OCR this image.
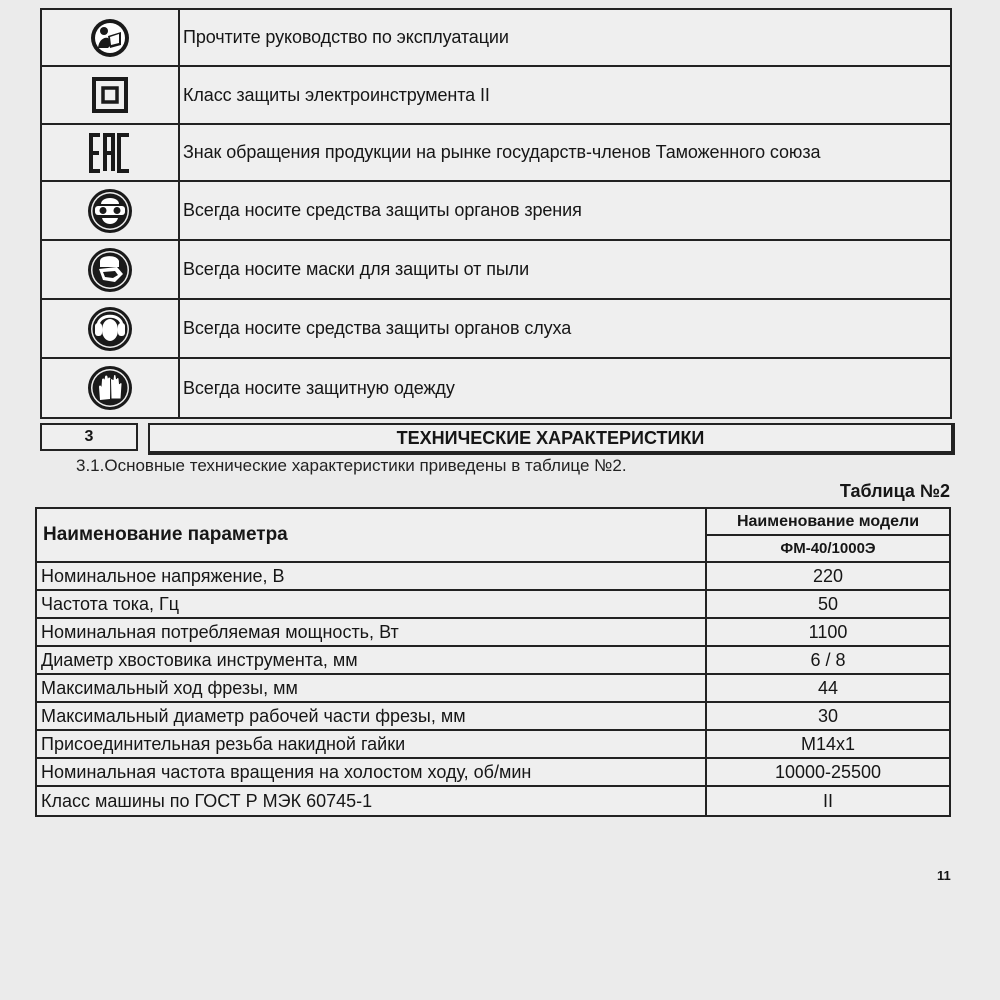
Прочтите руководство по эксплуатации
Класс защиты электроинструмента II
Знак обращения продукции на рынке государств-членов Таможенного союза
Всегда носите средства защиты органов зрения
Всегда носите маски для защиты от пыли
Всегда носите средства защиты органов слуха
Всегда носите защитную одежду
3	ТЕХНИЧЕСКИЕ ХАРАКТЕРИСТИКИ
3.1.Основные технические характеристики приведены в таблице №2.
Таблица №2
Наименование параметра
Наименование модели
ФМ-40/1000Э
Номинальное напряжение, В	220
Частота тока, Гц	50
Номинальная потребляемая мощность, Вт	1100
Диаметр хвостовика инструмента, мм	6 / 8
Максимальный ход фрезы, мм	44
Максимальный диаметр рабочей части фрезы, мм	30
Присоединительная резьба накидной гайки	М14х1
Номинальная частота вращения на холостом ходу, об/мин	10000-25500
Класс машины по ГОСТ Р МЭК 60745-1	II
11
